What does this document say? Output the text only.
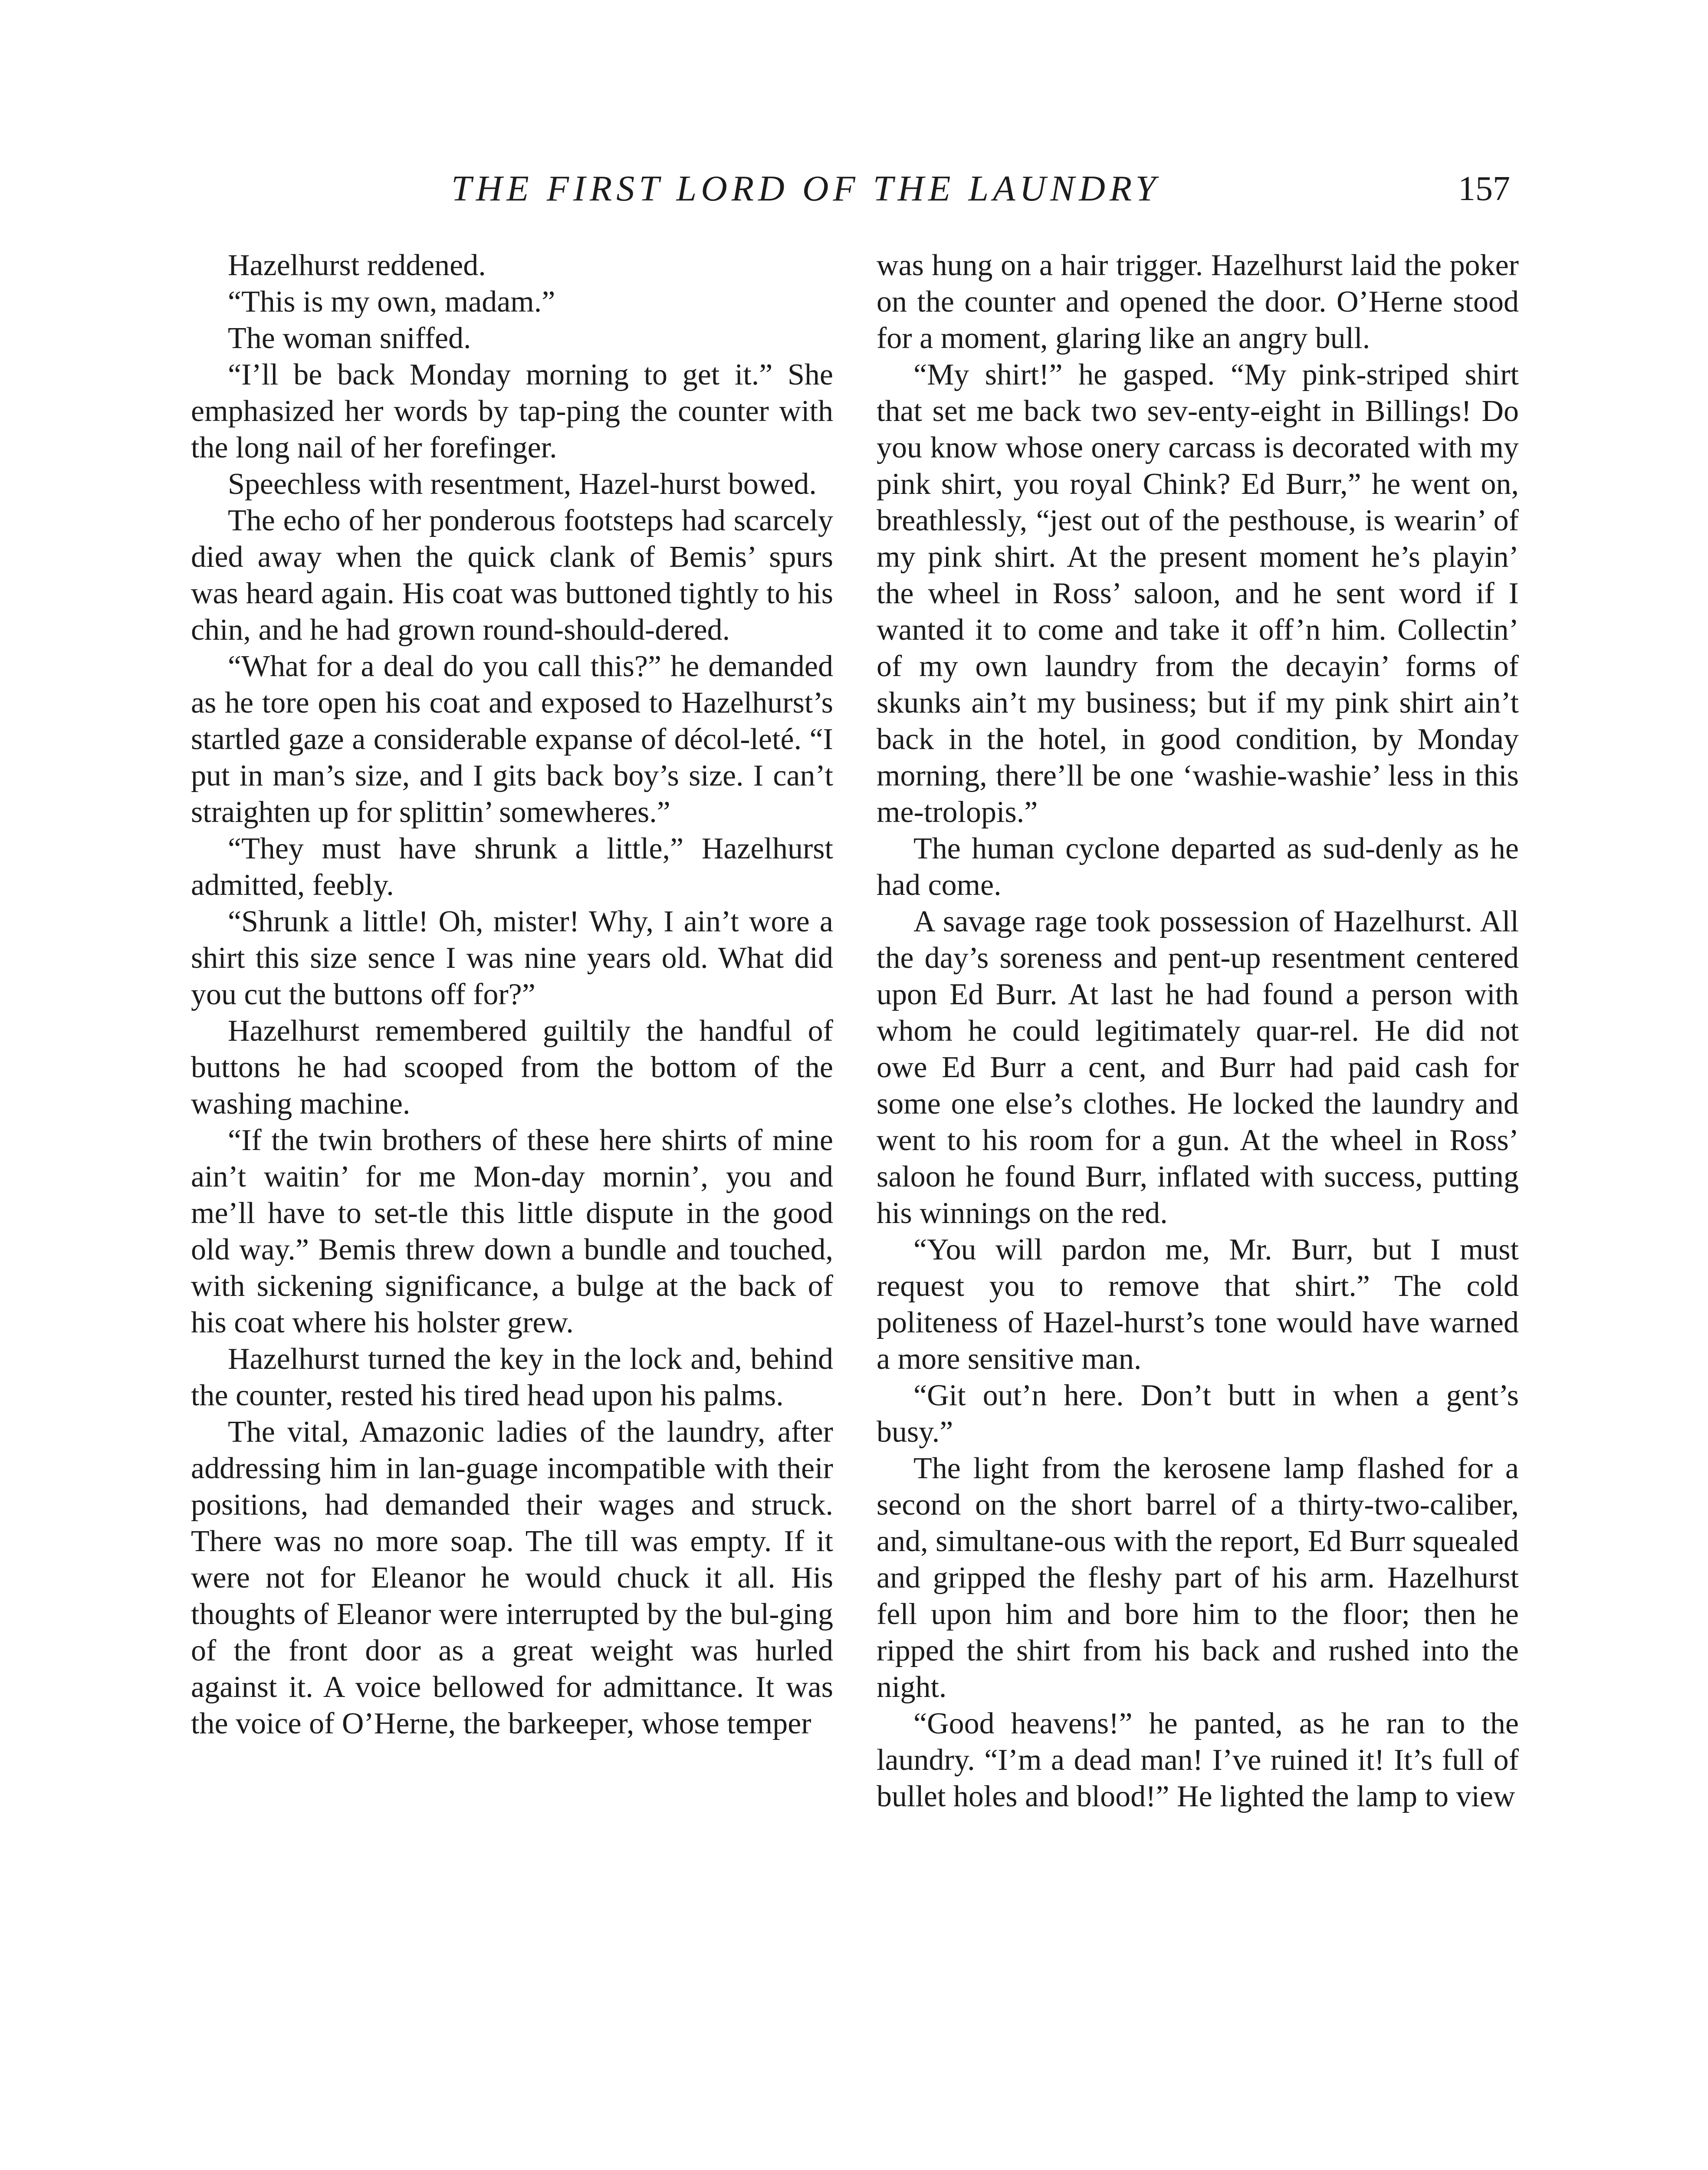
THE FIRST LORD OF THE LAUNDRY	157

Hazelhurst reddened.

“This is my own, madam.”

The woman sniffed.

“I’ll be back Monday morning to get it.” She emphasized her words by tap-ping the counter with the long nail of her forefinger.

Speechless with resentment, Hazel-hurst bowed.

The echo of her ponderous footsteps had scarcely died away when the quick clank of Bemis’ spurs was heard again. His coat was buttoned tightly to his chin, and he had grown round-should-dered.

“What for a deal do you call this?” he demanded as he tore open his coat and exposed to Hazelhurst’s startled gaze a considerable expanse of décol-leté. “I put in man’s size, and I gits back boy’s size. I can’t straighten up for splittin’ somewheres.”

“They must have shrunk a little,” Hazelhurst admitted, feebly.

“Shrunk a little! Oh, mister! Why, I ain’t wore a shirt this size sence I was nine years old. What did you cut the buttons off for?”

Hazelhurst remembered guiltily the handful of buttons he had scooped from the bottom of the washing machine.

“If the twin brothers of these here shirts of mine ain’t waitin’ for me Mon-day mornin’, you and me’ll have to set-tle this little dispute in the good old way.” Bemis threw down a bundle and touched, with sickening significance, a bulge at the back of his coat where his holster grew.

Hazelhurst turned the key in the lock and, behind the counter, rested his tired head upon his palms.

The vital, Amazonic ladies of the laundry, after addressing him in lan-guage incompatible with their positions, had demanded their wages and struck. There was no more soap. The till was empty. If it were not for Eleanor he would chuck it all. His thoughts of Eleanor were interrupted by the bul-ging of the front door as a great weight was hurled against it. A voice bellowed for admittance. It was the voice of O’Herne, the barkeeper, whose temper

was hung on a hair trigger. Hazelhurst laid the poker on the counter and opened the door. O’Herne stood for a moment, glaring like an angry bull.

“My shirt!” he gasped. “My pink-striped shirt that set me back two sev-enty-eight in Billings! Do you know whose onery carcass is decorated with my pink shirt, you royal Chink? Ed Burr,” he went on, breathlessly, “jest out of the pesthouse, is wearin’ of my pink shirt. At the present moment he’s playin’ the wheel in Ross’ saloon, and he sent word if I wanted it to come and take it off’n him. Collectin’ of my own laundry from the decayin’ forms of skunks ain’t my business; but if my pink shirt ain’t back in the hotel, in good condition, by Monday morning, there’ll be one ‘washie-washie’ less in this me-trolopis.”

The human cyclone departed as sud-denly as he had come.

A savage rage took possession of Hazelhurst. All the day’s soreness and pent-up resentment centered upon Ed Burr. At last he had found a person with whom he could legitimately quar-rel. He did not owe Ed Burr a cent, and Burr had paid cash for some one else’s clothes. He locked the laundry and went to his room for a gun. At the wheel in Ross’ saloon he found Burr, inflated with success, putting his winnings on the red.

“You will pardon me, Mr. Burr, but I must request you to remove that shirt.” The cold politeness of Hazel-hurst’s tone would have warned a more sensitive man.

“Git out’n here. Don’t butt in when a gent’s busy.”

The light from the kerosene lamp flashed for a second on the short barrel of a thirty-two-caliber, and, simultane-ous with the report, Ed Burr squealed and gripped the fleshy part of his arm. Hazelhurst fell upon him and bore him to the floor; then he ripped the shirt from his back and rushed into the night.

“Good heavens!” he panted, as he ran to the laundry. “I’m a dead man! I’ve ruined it! It’s full of bullet holes and blood!” He lighted the lamp to view
